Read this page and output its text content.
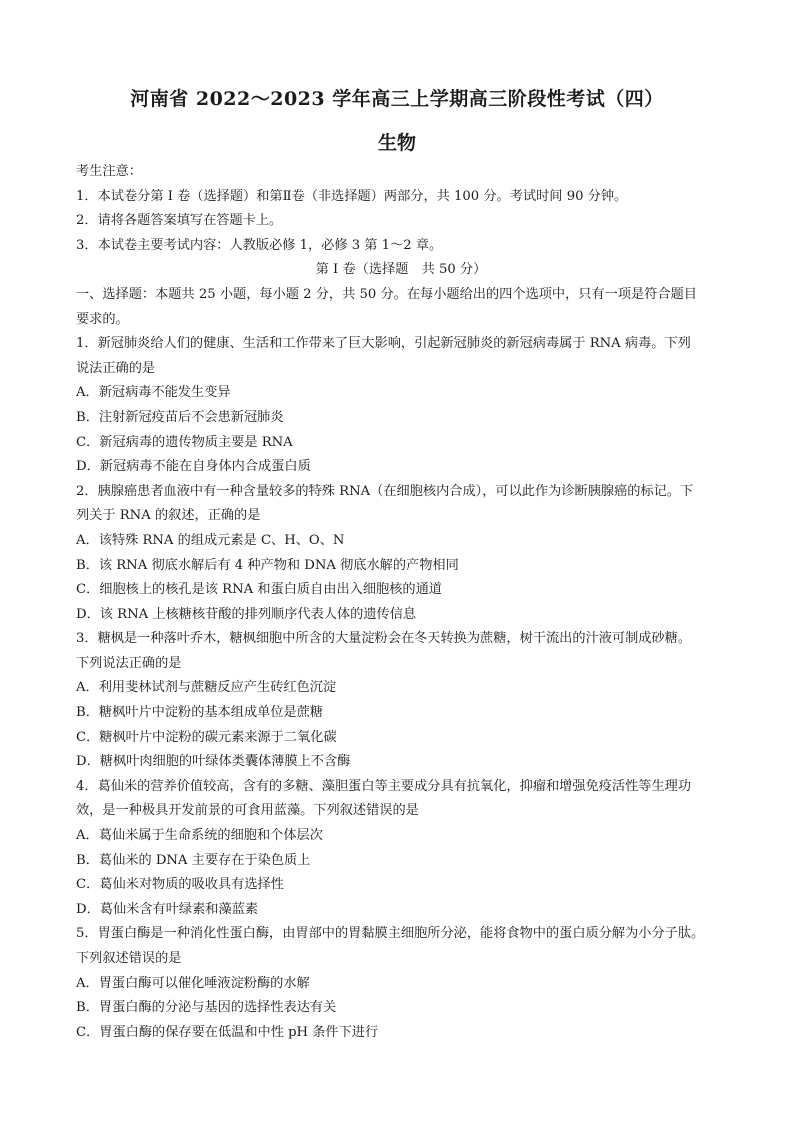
河南省 2022～2023 学年高三上学期高三阶段性考试（四）
生物
考生注意：
1．本试卷分第 I 卷（选择题）和第Ⅱ卷（非选择题）两部分，共 100 分。考试时间 90 分钟。
2．请将各题答案填写在答题卡上。
3．本试卷主要考试内容：人教版必修 1，必修 3 第 1～2 章。
第 I 卷（选择题　共 50 分）
一、选择题：本题共 25 小题，每小题 2 分，共 50 分。在每小题给出的四个选项中，只有一项是符合题目
要求的。
1．新冠肺炎给人们的健康、生活和工作带来了巨大影响，引起新冠肺炎的新冠病毒属于 RNA 病毒。下列
说法正确的是
A．新冠病毒不能发生变异
B．注射新冠疫苗后不会患新冠肺炎
C．新冠病毒的遗传物质主要是 RNA
D．新冠病毒不能在自身体内合成蛋白质
2．胰腺癌患者血液中有一种含量较多的特殊 RNA（在细胞核内合成），可以此作为诊断胰腺癌的标记。下
列关于 RNA 的叙述，正确的是
A．该特殊 RNA 的组成元素是 C、H、O、N
B．该 RNA 彻底水解后有 4 种产物和 DNA 彻底水解的产物相同
C．细胞核上的核孔是该 RNA 和蛋白质自由出入细胞核的通道
D．该 RNA 上核糖核苷酸的排列顺序代表人体的遗传信息
3．糖枫是一种落叶乔木，糖枫细胞中所含的大量淀粉会在冬天转换为蔗糖，树干流出的汁液可制成砂糖。
下列说法正确的是
A．利用斐林试剂与蔗糖反应产生砖红色沉淀
B．糖枫叶片中淀粉的基本组成单位是蔗糖
C．糖枫叶片中淀粉的碳元素来源于二氧化碳
D．糖枫叶肉细胞的叶绿体类囊体薄膜上不含酶
4．葛仙米的营养价值较高，含有的多糖、藻胆蛋白等主要成分具有抗氧化，抑瘤和增强免疫活性等生理功
效，是一种极具开发前景的可食用蓝藻。下列叙述错误的是
A．葛仙米属于生命系统的细胞和个体层次
B．葛仙米的 DNA 主要存在于染色质上
C．葛仙米对物质的吸收具有选择性
D．葛仙米含有叶绿素和藻蓝素
5．胃蛋白酶是一种消化性蛋白酶，由胃部中的胃黏膜主细胞所分泌，能将食物中的蛋白质分解为小分子肽。
下列叙述错误的是
A．胃蛋白酶可以催化唾液淀粉酶的水解
B．胃蛋白酶的分泌与基因的选择性表达有关
C．胃蛋白酶的保存要在低温和中性 pH 条件下进行
